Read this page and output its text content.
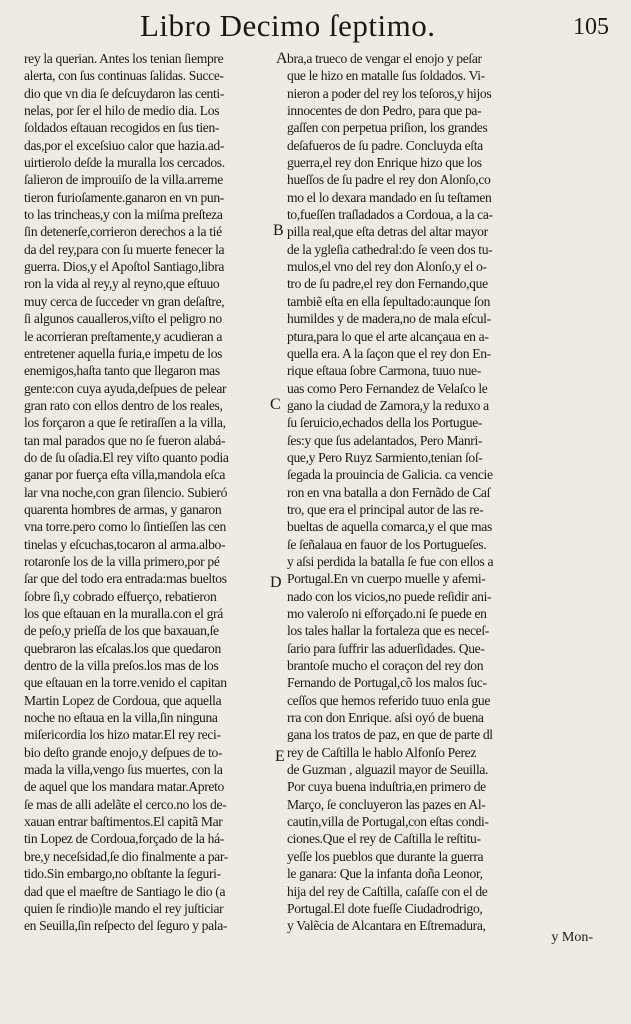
Libro Decimo ſeptimo.	105
rey la querian. Antes los tenian ſiempre
alerta, con ſus continuas ſalidas. Succe-
dio que vn dia ſe deſcuydaron las centi-
nelas, por ſer el hilo de medio dia. Los
ſoldados eſtauan recogidos en ſus tien-
das,por el exceſsiuo calor que hazia.ad-
uirtierolo deſde la muralla los cercados.
ſalieron de improuiſo de la villa.arreme
tieron furioſamente.ganaron en vn pun-
to las trincheas,y con la miſma preſteza
ſin detenerſe,corrieron derechos a la tié
da del rey,para con ſu muerte fenecer la
guerra. Dios,y el Apoſtol Santiago,libra
ron la vida al rey,y al reyno,que eſtuuo
muy cerca de ſucceder vn gran deſaſtre,
ſi algunos caualleros,viſto el peligro no
le acorrieran preſtamente,y acudieran a
entretener aquella furia,e impetu de los
enemigos,haſta tanto que llegaron mas
gente:con cuya ayuda,deſpues de pelear
gran rato con ellos dentro de los reales,
los forçaron a que ſe retiraſſen a la villa,
tan mal parados que no ſe fueron alabá-
do de ſu oſadia.El rey viſto quanto podia
ganar por fuerça eſta villa,mandola eſca
lar vna noche,con gran ſilencio. Subieró
quarenta hombres de armas, y ganaron
vna torre.pero como lo ſintieſſen las cen
tinelas y eſcuchas,tocaron al arma.albo-
rotaronſe los de la villa primero,por pé
ſar que del todo era entrada:mas bueltos
ſobre ſi,y cobrado eſfuerço, rebatieron
los que eſtauan en la muralla.con el grá
de peſo,y prieſſa de los que baxauan,ſe
quebraron las eſcalas.los que quedaron
dentro de la villa preſos.los mas de los
que eſtauan en la torre.venido el capitan
Martin Lopez de Cordoua, que aquella
noche no eſtaua en la villa,ſin ninguna
miſericordia los hizo matar.El rey reci-
bio deſto grande enojo,y deſpues de to-
mada la villa,vengo ſus muertes, con la
de aquel que los mandara matar.Apreto
ſe mas de alli adelãte el cerco.no los de-
xauan entrar baſtimentos.El capitã Mar
tin Lopez de Cordoua,forçado de la há-
bre,y neceſsidad,ſe dio finalmente a par-
tido.Sin embargo,no obſtante la ſeguri-
dad que el maeſtre de Santiago le dio (a
quien ſe rindio)le mando el rey juſticiar
en Seuilla,ſin reſpecto del ſeguro y pala-
bra,a trueco de vengar el enojo y peſar
que le hizo en matalle ſus ſoldados. Vi-
nieron a poder del rey los teſoros,y hijos
innocentes de don Pedro, para que pa-
gaſſen con perpetua priſion, los grandes
deſafueros de ſu padre. Concluyda eſta
guerra,el rey don Enrique hizo que los
hueſſos de ſu padre el rey don Alonſo,co
mo el lo dexara mandado en ſu teſtamen
to,fueſſen traſladados a Cordoua, a la ca-
pilla real,que eſta detras del altar mayor
de la ygleſia cathedral:do ſe veen dos tu-
mulos,el vno del rey don Alonſo,y el o-
tro de ſu padre,el rey don Fernando,que
tambiẽ eſta en ella ſepultado:aunque ſon
humildes y de madera,no de mala eſcul-
ptura,para lo que el arte alcançaua en a-
quella era. A la ſaçon que el rey don En-
rique eſtaua ſobre Carmona, tuuo nue-
uas como Pero Fernandez de Velaſco le
gano la ciudad de Zamora,y la reduxo a
ſu ſeruicio,echados della los Portugue-
ſes:y que ſus adelantados, Pero Manri-
que,y Pero Ruyz Sarmiento,tenian ſoſ-
ſegada la prouincia de Galicia. ca vencie
ron en vna batalla a don Fernãdo de Caſ
tro, que era el principal autor de las re-
bueltas de aquella comarca,y el que mas
ſe ſeñalaua en fauor de los Portugueſes.
y aſsi perdida la batalla ſe fue con ellos a
Portugal.En vn cuerpo muelle y afemi-
nado con los vicios,no puede reſidir ani-
mo valeroſo ni eſforçado.ni ſe puede en
los tales hallar la fortaleza que es neceſ-
ſario para ſuffrir las aduerſidades. Que-
brantoſe mucho el coraçon del rey don
Fernando de Portugal,cõ los malos ſuc-
ceſſos que hemos referido tuuo enla gue
rra con don Enrique. aſsi oyó de buena
gana los tratos de paz, en que de parte dl
rey de Caſtilla le hablo Alfonſo Perez
de Guzman , alguazil mayor de Seuilla.
Por cuya buena induſtria,en primero de
Março, ſe concluyeron las pazes en Al-
cautin,villa de Portugal,con eſtas condi-
ciones.Que el rey de Caſtilla le reſtitu-
yeſſe los pueblos que durante la guerra
le ganara: Que la infanta doña Leonor,
hija del rey de Caſtilla, caſaſſe con el de
Portugal.El dote fueſſe Ciudadrodrigo,
y Valẽcia de Alcantara en Eſtremadura,
A
B
C
D
E
y Mon-
